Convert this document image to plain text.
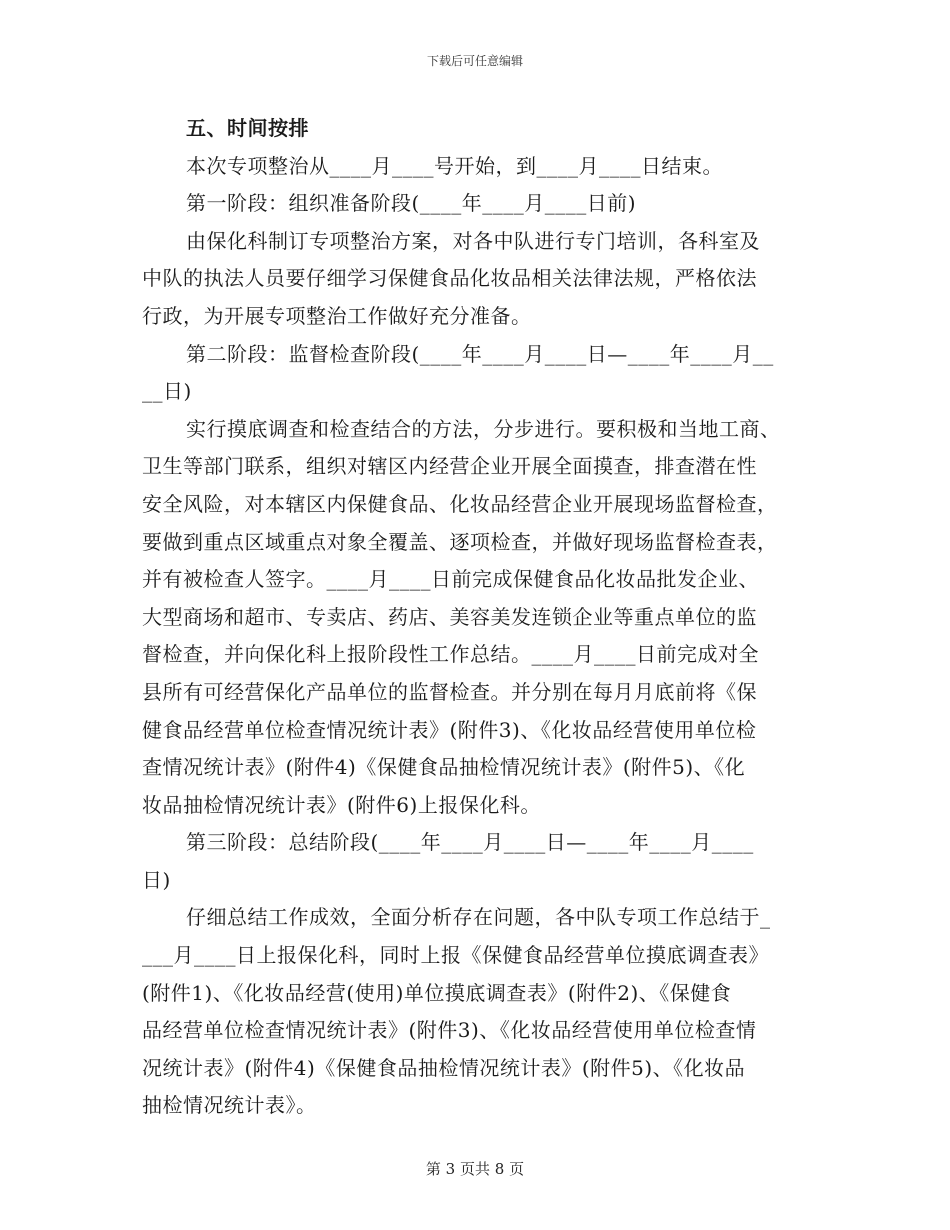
下载后可任意编辑
五、时间按排
本次专项整治从____月____号开始，到____月____日结束。
第一阶段：组织准备阶段(____年____月____日前)
由保化科制订专项整治方案，对各中队进行专门培训，各科室及
中队的执法人员要仔细学习保健食品化妆品相关法律法规，严格依法
行政，为开展专项整治工作做好充分准备。
第二阶段：监督检查阶段(____年____月____日—____年____月__
__日)
实行摸底调查和检查结合的方法，分步进行。要积极和当地工商、
卫生等部门联系，组织对辖区内经营企业开展全面摸查，排查潜在性
安全风险，对本辖区内保健食品、化妆品经营企业开展现场监督检查，
要做到重点区域重点对象全覆盖、逐项检查，并做好现场监督检查表，
并有被检查人签字。____月____日前完成保健食品化妆品批发企业、
大型商场和超市、专卖店、药店、美容美发连锁企业等重点单位的监
督检查，并向保化科上报阶段性工作总结。____月____日前完成对全
县所有可经营保化产品单位的监督检查。并分别在每月月底前将《保
健食品经营单位检查情况统计表》(附件3)、《化妆品经营使用单位检
查情况统计表》(附件4)《保健食品抽检情况统计表》(附件5)、《化
妆品抽检情况统计表》(附件6)上报保化科。
第三阶段：总结阶段(____年____月____日—____年____月____
日)
仔细总结工作成效，全面分析存在问题，各中队专项工作总结于_
___月____日上报保化科，同时上报《保健食品经营单位摸底调查表》
(附件1)、《化妆品经营(使用)单位摸底调查表》(附件2)、《保健食
品经营单位检查情况统计表》(附件3)、《化妆品经营使用单位检查情
况统计表》(附件4)《保健食品抽检情况统计表》(附件5)、《化妆品
抽检情况统计表》。
第 3 页共 8 页
